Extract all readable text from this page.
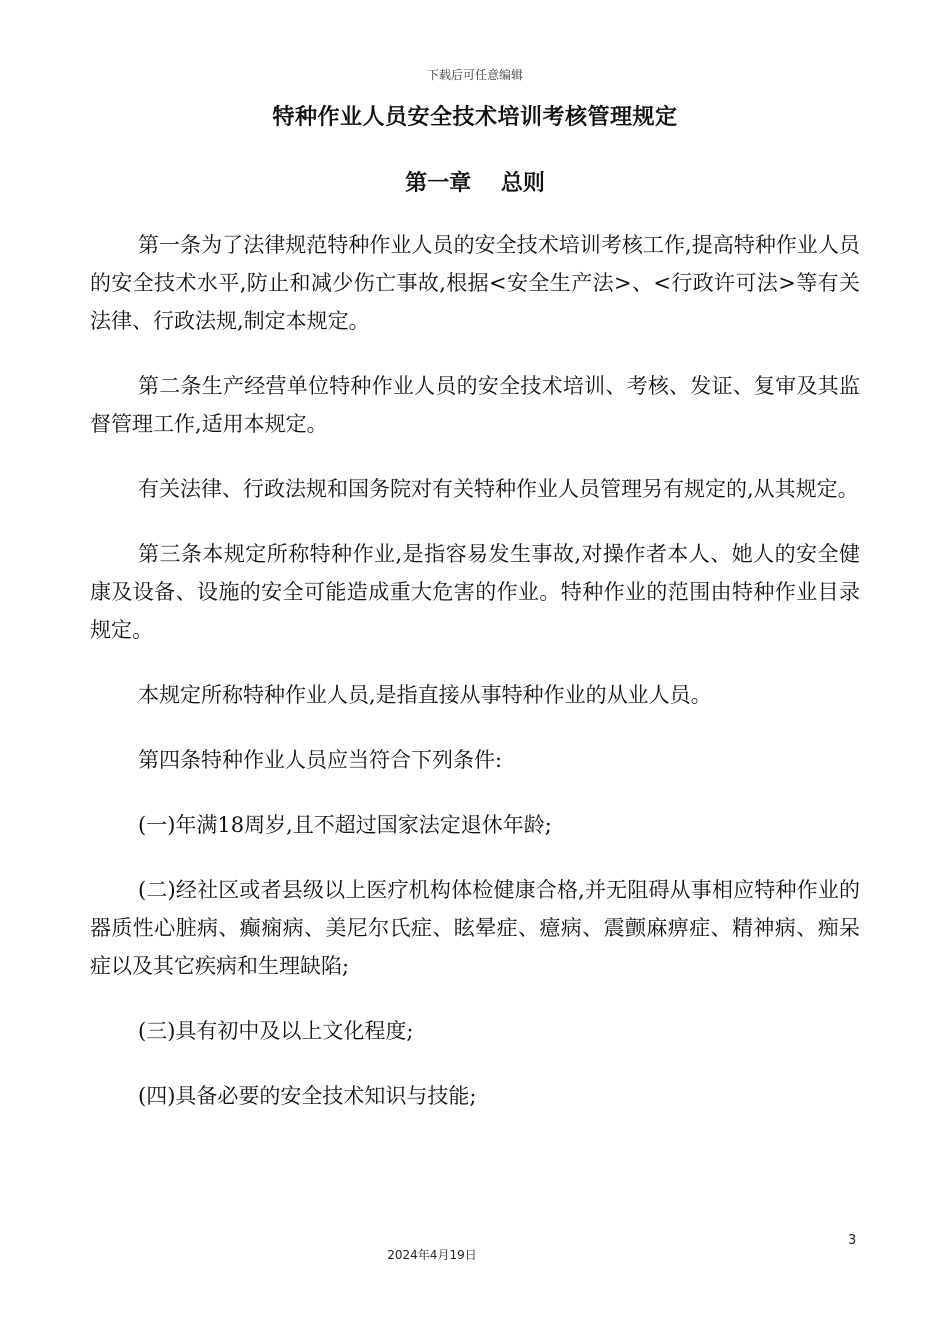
下载后可任意编辑
特种作业人员安全技术培训考核管理规定
第一章　 总则

第一条为了法律规范特种作业人员的安全技术培训考核工作,提高特种作业人员的安全技术水平,防止和减少伤亡事故,根据<安全生产法>、<行政许可法>等有关法律、行政法规,制定本规定。

第二条生产经营单位特种作业人员的安全技术培训、考核、发证、复审及其监督管理工作,适用本规定。

有关法律、行政法规和国务院对有关特种作业人员管理另有规定的,从其规定。

第三条本规定所称特种作业,是指容易发生事故,对操作者本人、她人的安全健康及设备、设施的安全可能造成重大危害的作业。特种作业的范围由特种作业目录规定。

本规定所称特种作业人员,是指直接从事特种作业的从业人员。

第四条特种作业人员应当符合下列条件:

(一)年满18周岁,且不超过国家法定退休年龄;

(二)经社区或者县级以上医疗机构体检健康合格,并无阻碍从事相应特种作业的器质性心脏病、癫痫病、美尼尔氏症、眩晕症、癔病、震颤麻痹症、精神病、痴呆症以及其它疾病和生理缺陷;

(三)具有初中及以上文化程度;

(四)具备必要的安全技术知识与技能;

3
2024年4月19日
